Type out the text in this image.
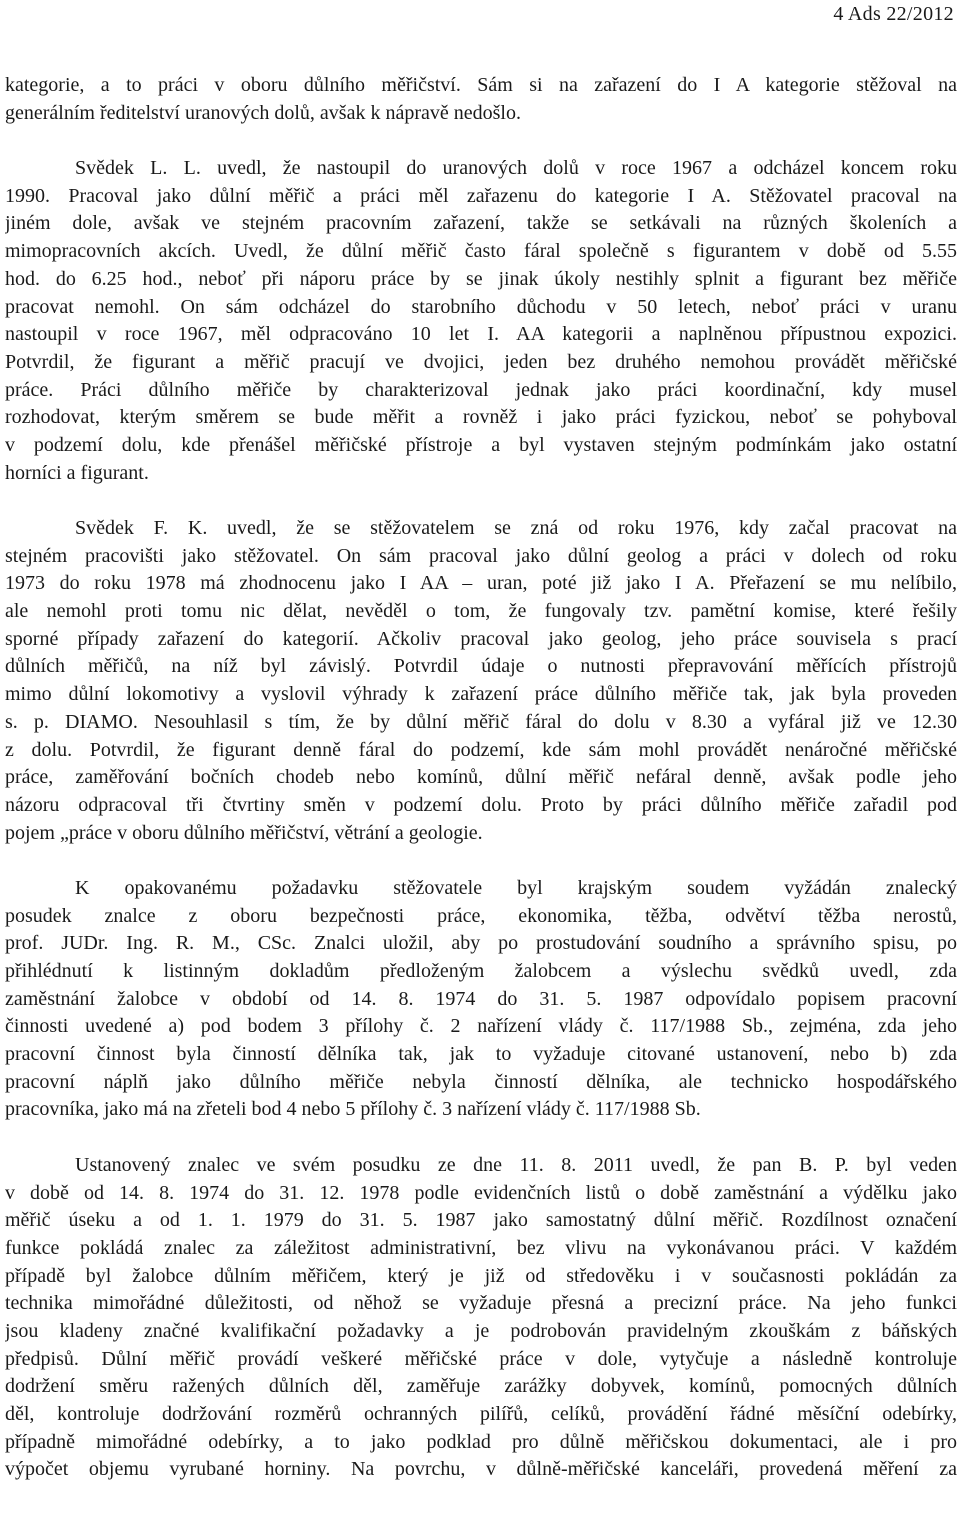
4 Ads 22/2012
kategorie, a to práci v oboru důlního měřičství. Sám si na zařazení do I A kategorie stěžoval na
generálním ředitelství uranových dolů, avšak k nápravě nedošlo.
Svědek L. L. uvedl, že nastoupil do uranových dolů v roce 1967 a odcházel koncem roku
1990. Pracoval jako důlní měřič a práci měl zařazenu do kategorie I A. Stěžovatel pracoval na
jiném dole, avšak ve stejném pracovním zařazení, takže se setkávali na různých školeních a
mimopracovních akcích. Uvedl, že důlní měřič často fáral společně s figurantem v době od 5.55
hod. do 6.25 hod., neboť při náporu práce by se jinak úkoly nestihly splnit a figurant bez měřiče
pracovat nemohl. On sám odcházel do starobního důchodu v 50 letech, neboť práci v uranu
nastoupil v roce 1967, měl odpracováno 10 let I. AA kategorii a naplněnou přípustnou expozici.
Potvrdil, že figurant a měřič pracují ve dvojici, jeden bez druhého nemohou provádět měřičské
práce. Práci důlního měřiče by charakterizoval jednak jako práci koordinační, kdy musel
rozhodovat, kterým směrem se bude měřit a rovněž i jako práci fyzickou, neboť se pohyboval
v podzemí dolu, kde přenášel měřičské přístroje a byl vystaven stejným podmínkám jako ostatní
horníci a figurant.
Svědek F. K. uvedl, že se stěžovatelem se zná od roku 1976, kdy začal pracovat na
stejném pracovišti jako stěžovatel. On sám pracoval jako důlní geolog a práci v dolech od roku
1973 do roku 1978 má zhodnocenu jako I AA – uran, poté již jako I A. Přeřazení se mu nelíbilo,
ale nemohl proti tomu nic dělat, nevěděl o tom, že fungovaly tzv. pamětní komise, které řešily
sporné případy zařazení do kategorií. Ačkoliv pracoval jako geolog, jeho práce souvisela s prací
důlních měřičů, na níž byl závislý. Potvrdil údaje o nutnosti přepravování měřících přístrojů
mimo důlní lokomotivy a vyslovil výhrady k zařazení práce důlního měřiče tak, jak byla proveden
s. p. DIAMO. Nesouhlasil s tím, že by důlní měřič fáral do dolu v 8.30 a vyfáral již ve 12.30
z dolu. Potvrdil, že figurant denně fáral do podzemí, kde sám mohl provádět nenáročné měřičské
práce, zaměřování bočních chodeb nebo komínů, důlní měřič nefáral denně, avšak podle jeho
názoru odpracoval tři čtvrtiny směn v podzemí dolu. Proto by práci důlního měřiče zařadil pod
pojem „práce v oboru důlního měřičství, větrání a geologie.
K opakovanému požadavku stěžovatele byl krajským soudem vyžádán znalecký
posudek znalce z oboru bezpečnosti práce, ekonomika, těžba, odvětví těžba nerostů,
prof. JUDr. Ing. R. M., CSc. Znalci uložil, aby po prostudování soudního a správního spisu, po
přihlédnutí k listinným dokladům předloženým žalobcem a výslechu svědků uvedl, zda
zaměstnání žalobce v období od 14. 8. 1974 do 31. 5. 1987 odpovídalo popisem pracovní
činnosti uvedené a) pod bodem 3 přílohy č. 2 nařízení vlády č. 117/1988 Sb., zejména, zda jeho
pracovní činnost byla činností dělníka tak, jak to vyžaduje citované ustanovení, nebo b) zda
pracovní náplň jako důlního měřiče nebyla činností dělníka, ale technicko hospodářského
pracovníka, jako má na zřeteli bod 4 nebo 5 přílohy č. 3 nařízení vlády č. 117/1988 Sb.
Ustanovený znalec ve svém posudku ze dne 11. 8. 2011 uvedl, že pan B. P. byl veden
v době od 14. 8. 1974 do 31. 12. 1978 podle evidenčních listů o době zaměstnání a výdělku jako
měřič úseku a od 1. 1. 1979 do 31. 5. 1987 jako samostatný důlní měřič. Rozdílnost označení
funkce pokládá znalec za záležitost administrativní, bez vlivu na vykonávanou práci. V každém
případě byl žalobce důlním měřičem, který je již od středověku i v současnosti pokládán za
technika mimořádné důležitosti, od něhož se vyžaduje přesná a precizní práce. Na jeho funkci
jsou kladeny značné kvalifikační požadavky a je podrobován pravidelným zkouškám z báňských
předpisů. Důlní měřič provádí veškeré měřičské práce v dole, vytyčuje a následně kontroluje
dodržení směru ražených důlních děl, zaměřuje zarážky dobyvek, komínů, pomocných důlních
děl, kontroluje dodržování rozměrů ochranných pilířů, celíků, provádění řádné měsíční odebírky,
případně mimořádné odebírky, a to jako podklad pro důlně měřičskou dokumentaci, ale i pro
výpočet objemu vyrubané horniny. Na povrchu, v důlně-měřičské kanceláři, provedená měření za
